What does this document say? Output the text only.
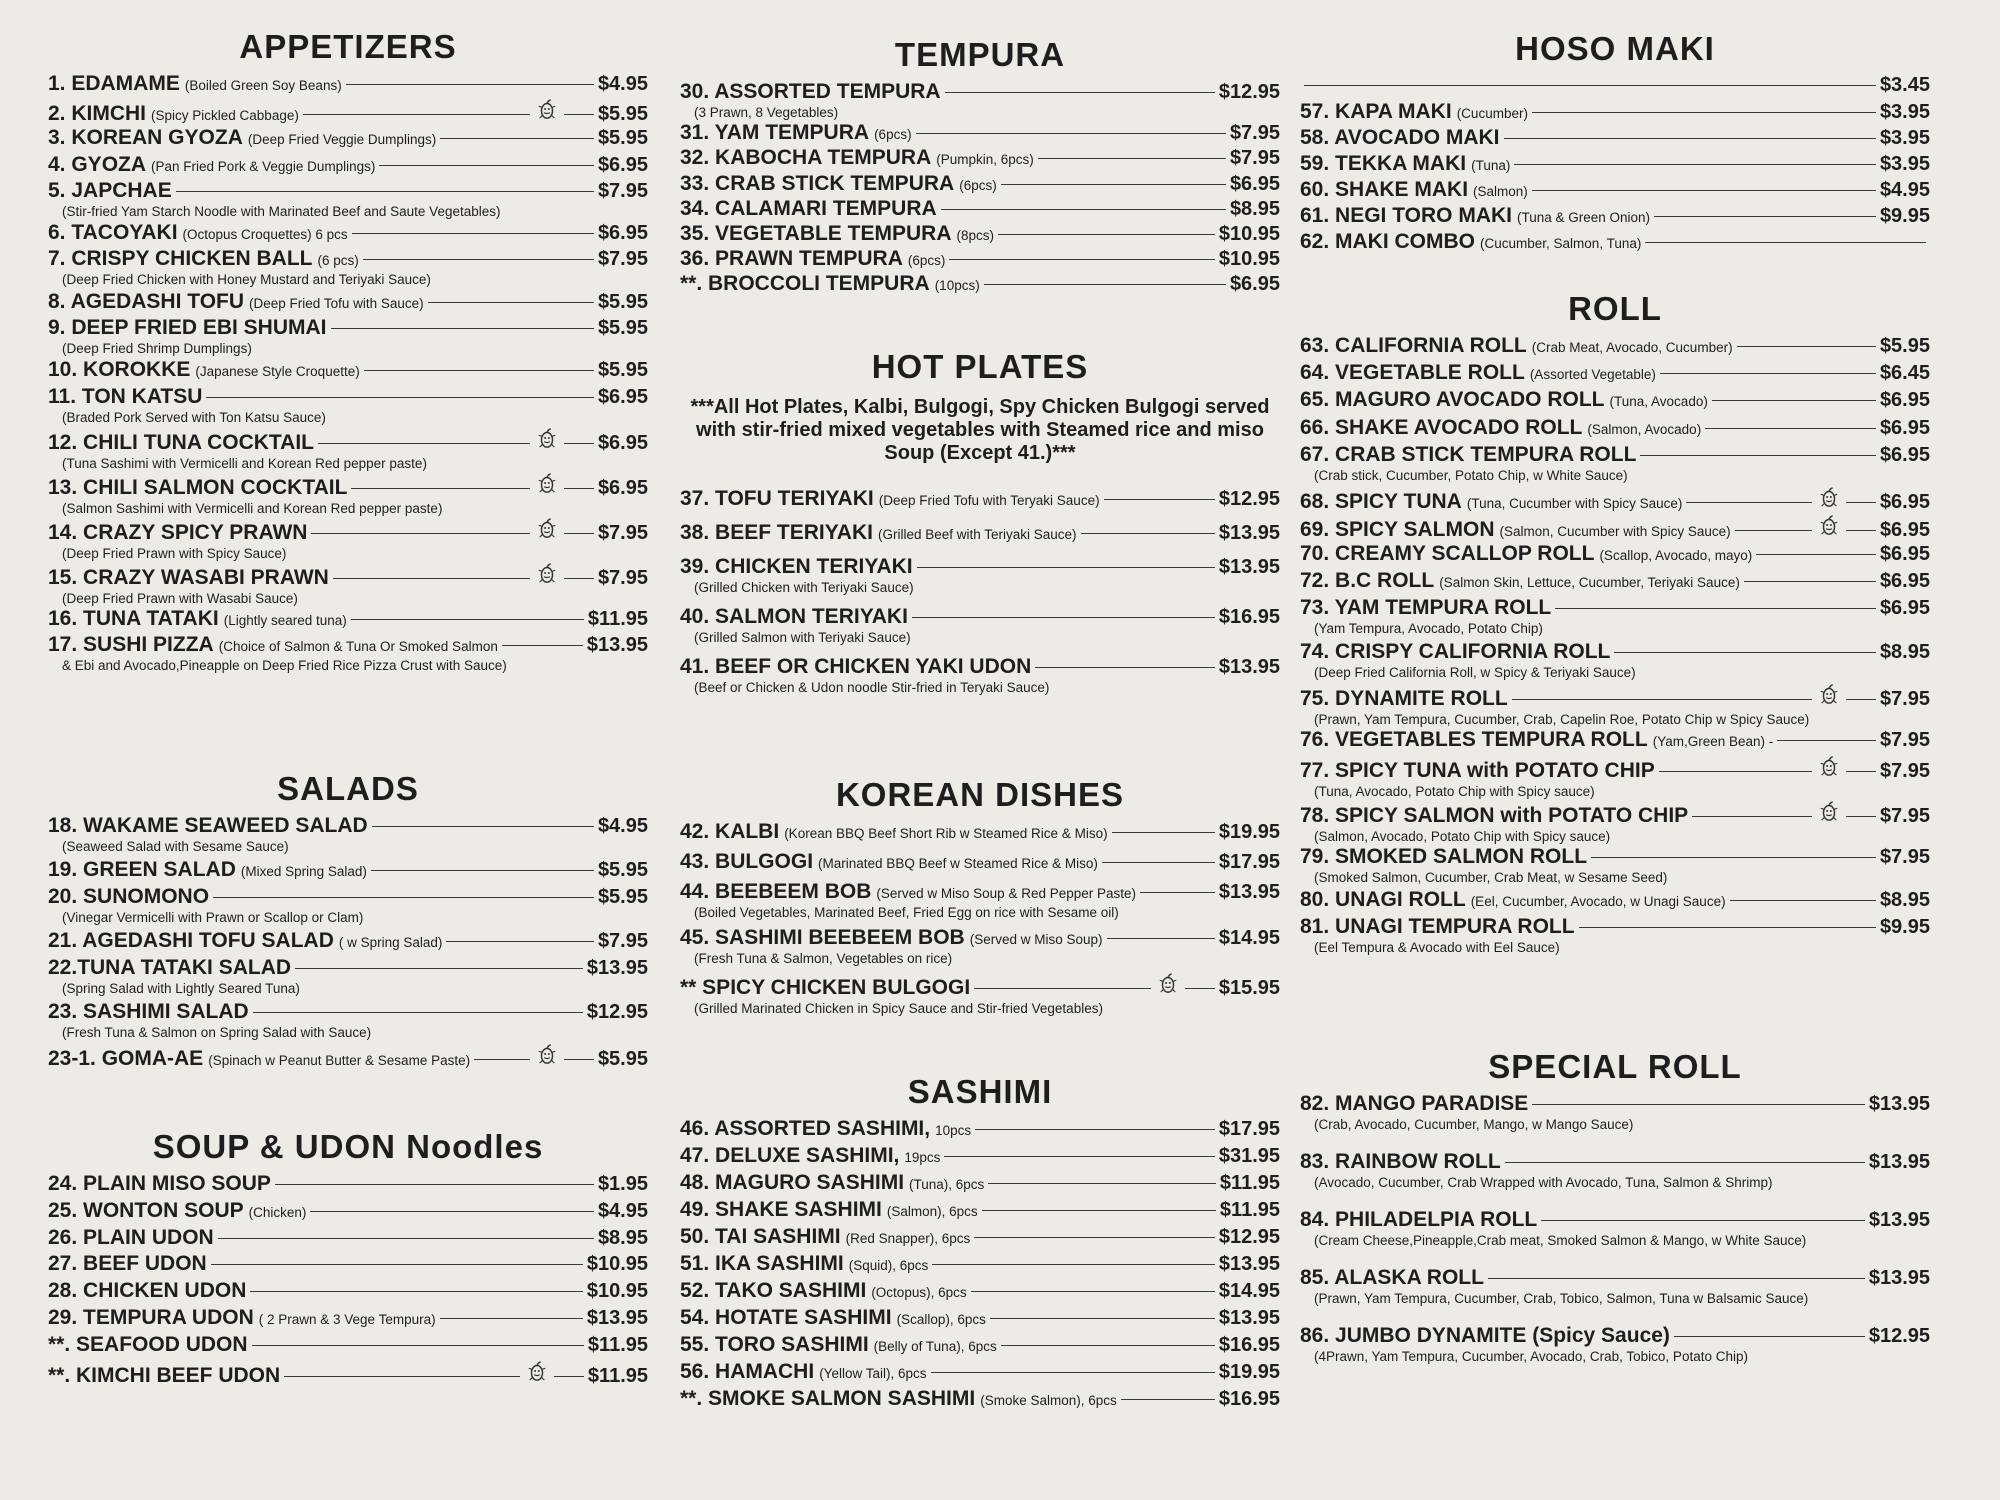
APPETIZERS
1. EDAMAME (Boiled Green Soy Beans)	$4.95
2. KIMCHI (Spicy Pickled Cabbage)	$5.95
3. KOREAN GYOZA (Deep Fried Veggie Dumplings)	$5.95
4. GYOZA (Pan Fried Pork & Veggie Dumplings)	$6.95
5. JAPCHAE	$7.95
(Stir-fried Yam Starch Noodle with Marinated Beef and Saute Vegetables)
6. TACOYAKI (Octopus Croquettes) 6 pcs	$6.95
7. CRISPY CHICKEN BALL (6 pcs)	$7.95
(Deep Fried Chicken with Honey Mustard and Teriyaki Sauce)
8. AGEDASHI TOFU (Deep Fried Tofu with Sauce)	$5.95
9. DEEP FRIED EBI SHUMAI	$5.95
(Deep Fried Shrimp Dumplings)
10. KOROKKE (Japanese Style Croquette)	$5.95
11. TON KATSU	$6.95
(Braded Pork Served with Ton Katsu Sauce)
12. CHILI TUNA COCKTAIL	$6.95
(Tuna Sashimi with Vermicelli and Korean Red pepper paste)
13. CHILI SALMON COCKTAIL	$6.95
(Salmon Sashimi with Vermicelli and Korean Red pepper paste)
14. CRAZY SPICY PRAWN	$7.95
(Deep Fried Prawn with Spicy Sauce)
15. CRAZY WASABI PRAWN	$7.95
(Deep Fried Prawn with Wasabi Sauce)
16. TUNA TATAKI (Lightly seared tuna)	$11.95
17. SUSHI PIZZA (Choice of Salmon & Tuna Or Smoked Salmon	$13.95
& Ebi and Avocado,Pineapple on Deep Fried Rice Pizza Crust with Sauce)
SALADS
18. WAKAME SEAWEED SALAD	$4.95
(Seaweed Salad with Sesame Sauce)
19. GREEN SALAD (Mixed Spring Salad)	$5.95
20. SUNOMONO	$5.95
(Vinegar Vermicelli with Prawn or Scallop or Clam)
21. AGEDASHI TOFU SALAD ( w Spring Salad)	$7.95
22.TUNA TATAKI SALAD	$13.95
(Spring Salad with Lightly Seared Tuna)
23. SASHIMI SALAD	$12.95
(Fresh Tuna & Salmon on Spring Salad with Sauce)
23-1. GOMA-AE (Spinach w Peanut Butter & Sesame Paste)	$5.95
SOUP & UDON Noodles
24. PLAIN MISO SOUP	$1.95
25. WONTON SOUP (Chicken)	$4.95
26. PLAIN UDON	$8.95
27. BEEF UDON	$10.95
28. CHICKEN UDON	$10.95
29. TEMPURA UDON ( 2 Prawn & 3 Vege Tempura)	$13.95
**. SEAFOOD UDON	$11.95
**. KIMCHI BEEF UDON	$11.95
TEMPURA
30. ASSORTED TEMPURA	$12.95
(3 Prawn, 8 Vegetables)
31. YAM TEMPURA (6pcs)	$7.95
32. KABOCHA TEMPURA (Pumpkin, 6pcs)	$7.95
33. CRAB STICK TEMPURA (6pcs)	$6.95
34. CALAMARI TEMPURA	$8.95
35. VEGETABLE TEMPURA (8pcs)	$10.95
36. PRAWN TEMPURA (6pcs)	$10.95
**. BROCCOLI TEMPURA (10pcs)	$6.95
HOT PLATES
***All Hot Plates, Kalbi, Bulgogi, Spy Chicken Bulgogi served with stir-fried mixed vegetables with Steamed rice and miso Soup (Except 41.)***
37. TOFU TERIYAKI (Deep Fried Tofu with Teryaki Sauce)	$12.95
38. BEEF TERIYAKI (Grilled Beef with Teriyaki Sauce)	$13.95
39. CHICKEN TERIYAKI	$13.95
(Grilled Chicken with Teriyaki Sauce)
40. SALMON TERIYAKI	$16.95
(Grilled Salmon with Teriyaki Sauce)
41. BEEF OR CHICKEN YAKI UDON	$13.95
(Beef or Chicken & Udon noodle Stir-fried in Teryaki Sauce)
KOREAN DISHES
42. KALBI (Korean BBQ Beef Short Rib w Steamed Rice & Miso)	$19.95
43. BULGOGI (Marinated BBQ Beef w Steamed Rice & Miso)	$17.95
44. BEEBEEM BOB (Served w Miso Soup & Red Pepper Paste)	$13.95
(Boiled Vegetables, Marinated Beef, Fried Egg on rice with Sesame oil)
45. SASHIMI BEEBEEM BOB (Served w Miso Soup)	$14.95
(Fresh Tuna & Salmon, Vegetables on rice)
** SPICY CHICKEN BULGOGI	$15.95
(Grilled Marinated Chicken in Spicy Sauce and Stir-fried Vegetables)
SASHIMI
46. ASSORTED SASHIMI, 10pcs	$17.95
47. DELUXE SASHIMI, 19pcs	$31.95
48. MAGURO SASHIMI (Tuna), 6pcs	$11.95
49. SHAKE SASHIMI (Salmon), 6pcs	$11.95
50. TAI SASHIMI (Red Snapper), 6pcs	$12.95
51. IKA SASHIMI (Squid), 6pcs	$13.95
52. TAKO SASHIMI (Octopus), 6pcs	$14.95
54. HOTATE SASHIMI (Scallop), 6pcs	$13.95
55. TORO SASHIMI (Belly of Tuna), 6pcs	$16.95
56. HAMACHI (Yellow Tail), 6pcs	$19.95
**. SMOKE SALMON SASHIMI (Smoke Salmon), 6pcs	$16.95
HOSO MAKI
$3.45
57. KAPA MAKI (Cucumber)	$3.95
58. AVOCADO MAKI	$3.95
59. TEKKA MAKI (Tuna)	$3.95
60. SHAKE MAKI (Salmon)	$4.95
61. NEGI TORO MAKI (Tuna & Green Onion)	$9.95
62. MAKI COMBO (Cucumber, Salmon, Tuna)
ROLL
63. CALIFORNIA ROLL (Crab Meat, Avocado, Cucumber)	$5.95
64. VEGETABLE ROLL (Assorted Vegetable)	$6.45
65. MAGURO AVOCADO ROLL (Tuna, Avocado)	$6.95
66. SHAKE AVOCADO ROLL (Salmon, Avocado)	$6.95
67. CRAB STICK TEMPURA ROLL	$6.95
(Crab stick, Cucumber, Potato Chip, w White Sauce)
68. SPICY TUNA (Tuna, Cucumber with Spicy Sauce)	$6.95
69. SPICY SALMON (Salmon, Cucumber with Spicy Sauce)	$6.95
70. CREAMY SCALLOP ROLL (Scallop, Avocado, mayo)	$6.95
72. B.C ROLL (Salmon Skin, Lettuce, Cucumber, Teriyaki Sauce)	$6.95
73. YAM TEMPURA ROLL	$6.95
(Yam Tempura, Avocado, Potato Chip)
74. CRISPY CALIFORNIA ROLL	$8.95
(Deep Fried California Roll, w Spicy & Teriyaki Sauce)
75. DYNAMITE ROLL	$7.95
(Prawn, Yam Tempura, Cucumber, Crab, Capelin Roe, Potato Chip w Spicy Sauce)
76. VEGETABLES TEMPURA ROLL (Yam,Green Bean) -	$7.95
77. SPICY TUNA with POTATO CHIP	$7.95
(Tuna, Avocado, Potato Chip with Spicy sauce)
78. SPICY SALMON with POTATO CHIP	$7.95
(Salmon, Avocado, Potato Chip with Spicy sauce)
79. SMOKED SALMON ROLL	$7.95
(Smoked Salmon, Cucumber, Crab Meat, w Sesame Seed)
80. UNAGI ROLL (Eel, Cucumber, Avocado, w Unagi Sauce)	$8.95
81. UNAGI TEMPURA ROLL	$9.95
(Eel Tempura & Avocado with Eel Sauce)
SPECIAL ROLL
82. MANGO PARADISE	$13.95
(Crab, Avocado, Cucumber, Mango, w Mango Sauce)
83. RAINBOW ROLL	$13.95
(Avocado, Cucumber, Crab Wrapped with Avocado, Tuna, Salmon & Shrimp)
84. PHILADELPIA ROLL	$13.95
(Cream Cheese,Pineapple,Crab meat, Smoked Salmon & Mango, w White Sauce)
85. ALASKA ROLL	$13.95
(Prawn, Yam Tempura, Cucumber, Crab, Tobico, Salmon, Tuna w Balsamic Sauce)
86. JUMBO DYNAMITE (Spicy Sauce)	$12.95
(4Prawn, Yam Tempura, Cucumber, Avocado, Crab, Tobico, Potato Chip)
